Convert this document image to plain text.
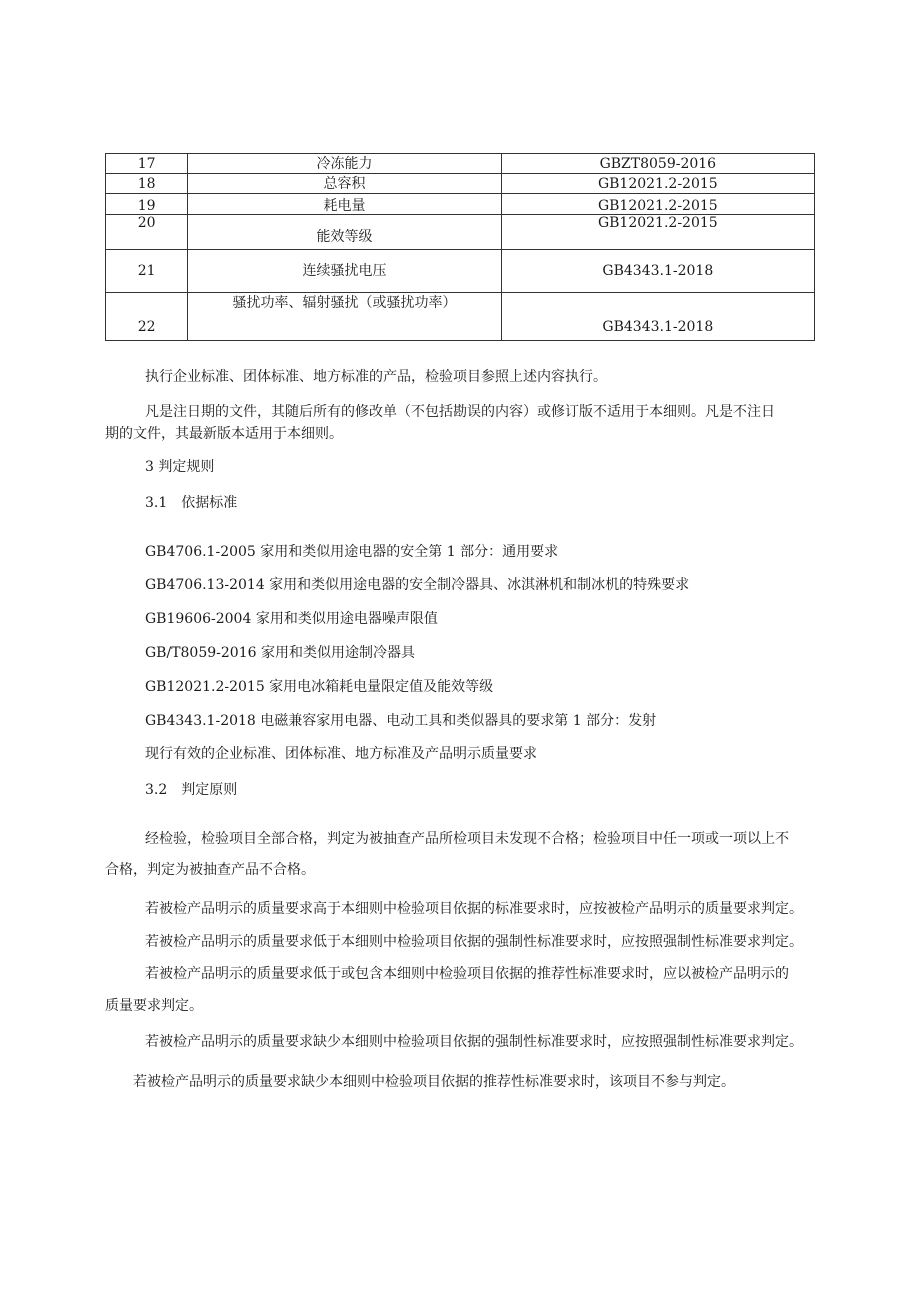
17	冷冻能力	GBZT8059-2016
18	总容积	GB12021.2-2015
19	耗电量	GB12021.2-2015
20	能效等级	GB12021.2-2015
21	连续骚扰电压	GB4343.1-2018
22	骚扰功率、辐射骚扰（或骚扰功率）	GB4343.1-2018
执行企业标准、团体标准、地方标准的产品，检验项目参照上述内容执行。
凡是注日期的文件，其随后所有的修改单（不包括勘误的内容）或修订版不适用于本细则。凡是不注日
期的文件，其最新版本适用于本细则。
3 判定规则
3.1　依据标准
GB4706.1-2005 家用和类似用途电器的安全第 1 部分：通用要求
GB4706.13-2014 家用和类似用途电器的安全制冷器具、冰淇淋机和制冰机的特殊要求
GB19606-2004 家用和类似用途电器噪声限值
GB/T8059-2016 家用和类似用途制冷器具
GB12021.2-2015 家用电冰箱耗电量限定值及能效等级
GB4343.1-2018 电磁兼容家用电器、电动工具和类似器具的要求第 1 部分：发射
现行有效的企业标准、团体标准、地方标准及产品明示质量要求
3.2　判定原则
经检验，检验项目全部合格，判定为被抽查产品所检项目未发现不合格；检验项目中任一项或一项以上不
合格，判定为被抽查产品不合格。
若被检产品明示的质量要求高于本细则中检验项目依据的标准要求时，应按被检产品明示的质量要求判定。
若被检产品明示的质量要求低于本细则中检验项目依据的强制性标准要求时，应按照强制性标准要求判定。
若被检产品明示的质量要求低于或包含本细则中检验项目依据的推荐性标准要求时，应以被检产品明示的
质量要求判定。
若被检产品明示的质量要求缺少本细则中检验项目依据的强制性标准要求时，应按照强制性标准要求判定。
若被检产品明示的质量要求缺少本细则中检验项目依据的推荐性标准要求时，该项目不参与判定。
